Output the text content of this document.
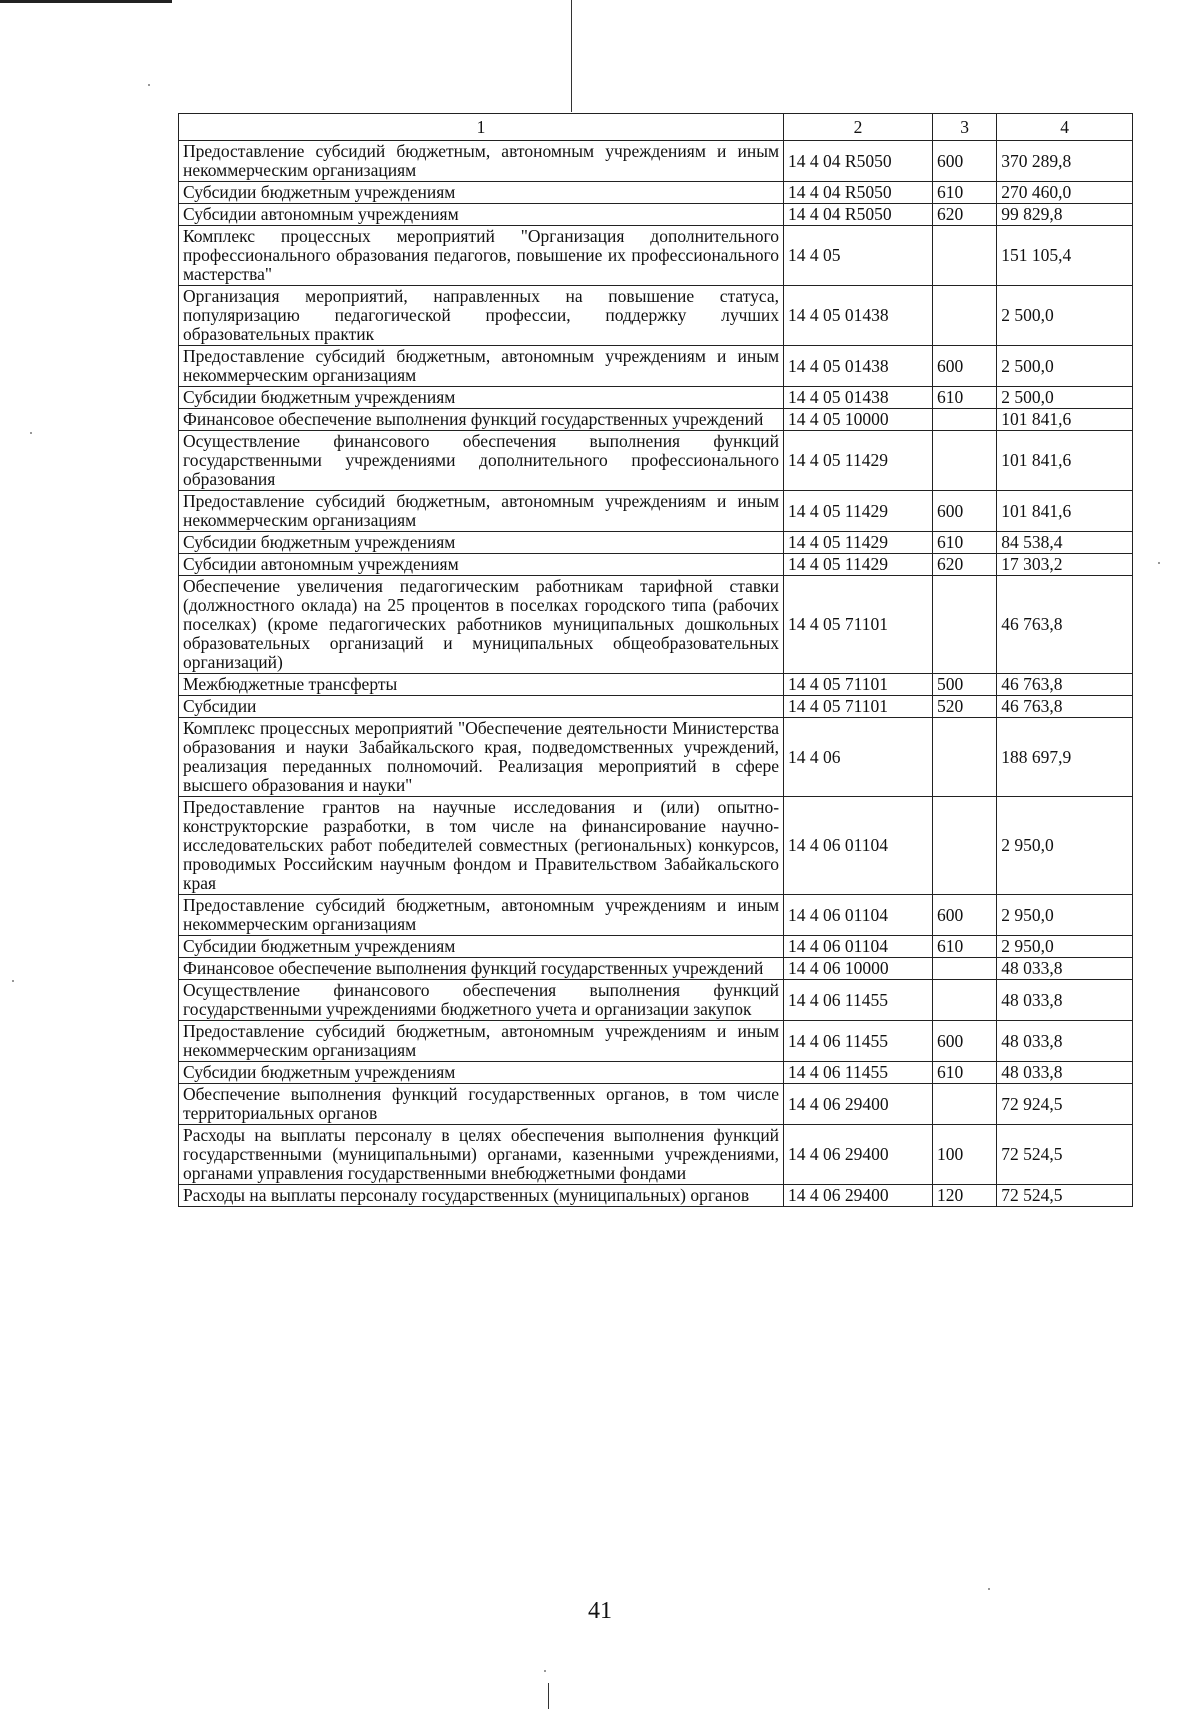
1	2	3	4
Предоставление субсидий бюджетным, автономным учреждениям и иным некоммерческим организациям	14 4 04 R5050	600	370 289,8
Субсидии бюджетным учреждениям	14 4 04 R5050	610	270 460,0
Субсидии автономным учреждениям	14 4 04 R5050	620	99 829,8
Комплекс процессных мероприятий "Организация дополнительного профессионального образования педагогов, повышение их профессионального мастерства"	14 4 05		151 105,4
Организация мероприятий, направленных на повышение статуса, популяризацию педагогической профессии, поддержку лучших образовательных практик	14 4 05 01438		2 500,0
Предоставление субсидий бюджетным, автономным учреждениям и иным некоммерческим организациям	14 4 05 01438	600	2 500,0
Субсидии бюджетным учреждениям	14 4 05 01438	610	2 500,0
Финансовое обеспечение выполнения функций государственных учреждений	14 4 05 10000		101 841,6
Осуществление финансового обеспечения выполнения функций государственными учреждениями дополнительного профессионального образования	14 4 05 11429		101 841,6
Предоставление субсидий бюджетным, автономным учреждениям и иным некоммерческим организациям	14 4 05 11429	600	101 841,6
Субсидии бюджетным учреждениям	14 4 05 11429	610	84 538,4
Субсидии автономным учреждениям	14 4 05 11429	620	17 303,2
Обеспечение увеличения педагогическим работникам тарифной ставки (должностного оклада) на 25 процентов в поселках городского типа (рабочих поселках) (кроме педагогических работников муниципальных дошкольных образовательных организаций и муниципальных общеобразовательных организаций)	14 4 05 71101		46 763,8
Межбюджетные трансферты	14 4 05 71101	500	46 763,8
Субсидии	14 4 05 71101	520	46 763,8
Комплекс процессных мероприятий "Обеспечение деятельности Министерства образования и науки Забайкальского края, подведомственных учреждений, реализация переданных полномочий. Реализация мероприятий в сфере высшего образования и науки"	14 4 06		188 697,9
Предоставление грантов на научные исследования и (или) опытно-конструкторские разработки, в том числе на финансирование научно-исследовательских работ победителей совместных (региональных) конкурсов, проводимых Российским научным фондом и Правительством Забайкальского края	14 4 06 01104		2 950,0
Предоставление субсидий бюджетным, автономным учреждениям и иным некоммерческим организациям	14 4 06 01104	600	2 950,0
Субсидии бюджетным учреждениям	14 4 06 01104	610	2 950,0
Финансовое обеспечение выполнения функций государственных учреждений	14 4 06 10000		48 033,8
Осуществление финансового обеспечения выполнения функций государственными учреждениями бюджетного учета и организации закупок	14 4 06 11455		48 033,8
Предоставление субсидий бюджетным, автономным учреждениям и иным некоммерческим организациям	14 4 06 11455	600	48 033,8
Субсидии бюджетным учреждениям	14 4 06 11455	610	48 033,8
Обеспечение выполнения функций государственных органов, в том числе территориальных органов	14 4 06 29400		72 924,5
Расходы на выплаты персоналу в целях обеспечения выполнения функций государственными (муниципальными) органами, казенными учреждениями, органами управления государственными внебюджетными фондами	14 4 06 29400	100	72 524,5
Расходы на выплаты персоналу государственных (муниципальных) органов	14 4 06 29400	120	72 524,5
41
